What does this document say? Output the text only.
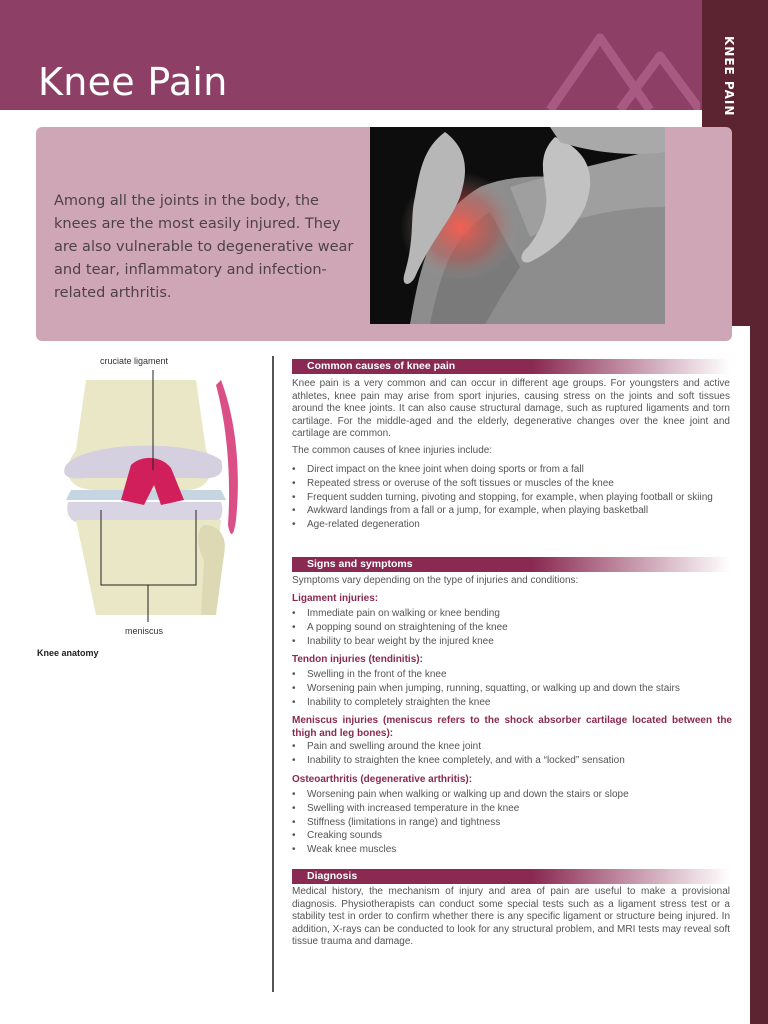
Knee Pain	KNEE PAIN

Among all the joints in the body, the knees are the most easily injured. They are also vulnerable to degenerative wear and tear, inflammatory and infection-related arthritis.

cruciate ligament
meniscus
Knee anatomy
Common causes of knee pain

Knee pain is a very common and can occur in different age groups. For youngsters and active athletes, knee pain may arise from sport injuries, causing stress on the joints and soft tissues around the knee joints. It can also cause structural damage, such as ruptured ligaments and torn cartilage. For the middle-aged and the elderly, degenerative changes over the knee joint and cartilage are common.

The common causes of knee injuries include:

• Direct impact on the knee joint when doing sports or from a fall
• Repeated stress or overuse of the soft tissues or muscles of the knee
• Frequent sudden turning, pivoting and stopping, for example, when playing football or skiing
• Awkward landings from a fall or a jump, for example, when playing basketball
• Age-related degeneration
Signs and symptoms

Symptoms vary depending on the type of injuries and conditions:

Ligament injuries:
• Immediate pain on walking or knee bending
• A popping sound on straightening of the knee
• Inability to bear weight by the injured knee
Tendon injuries (tendinitis):
• Swelling in the front of the knee
• Worsening pain when jumping, running, squatting, or walking up and down the stairs
• Inability to completely straighten the knee
Meniscus injuries (meniscus refers to the shock absorber cartilage located between the thigh and leg bones):
• Pain and swelling around the knee joint
• Inability to straighten the knee completely, and with a “locked” sensation
Osteoarthritis (degenerative arthritis):
• Worsening pain when walking or walking up and down the stairs or slope
• Swelling with increased temperature in the knee
• Stiffness (limitations in range) and tightness
• Creaking sounds
• Weak knee muscles
Diagnosis

Medical history, the mechanism of injury and area of pain are useful to make a provisional diagnosis. Physiotherapists can conduct some special tests such as a ligament stress test or a stability test in order to confirm whether there is any specific ligament or structure being injured. In addition, X-rays can be conducted to look for any structural problem, and MRI tests may reveal soft tissue trauma and damage.
